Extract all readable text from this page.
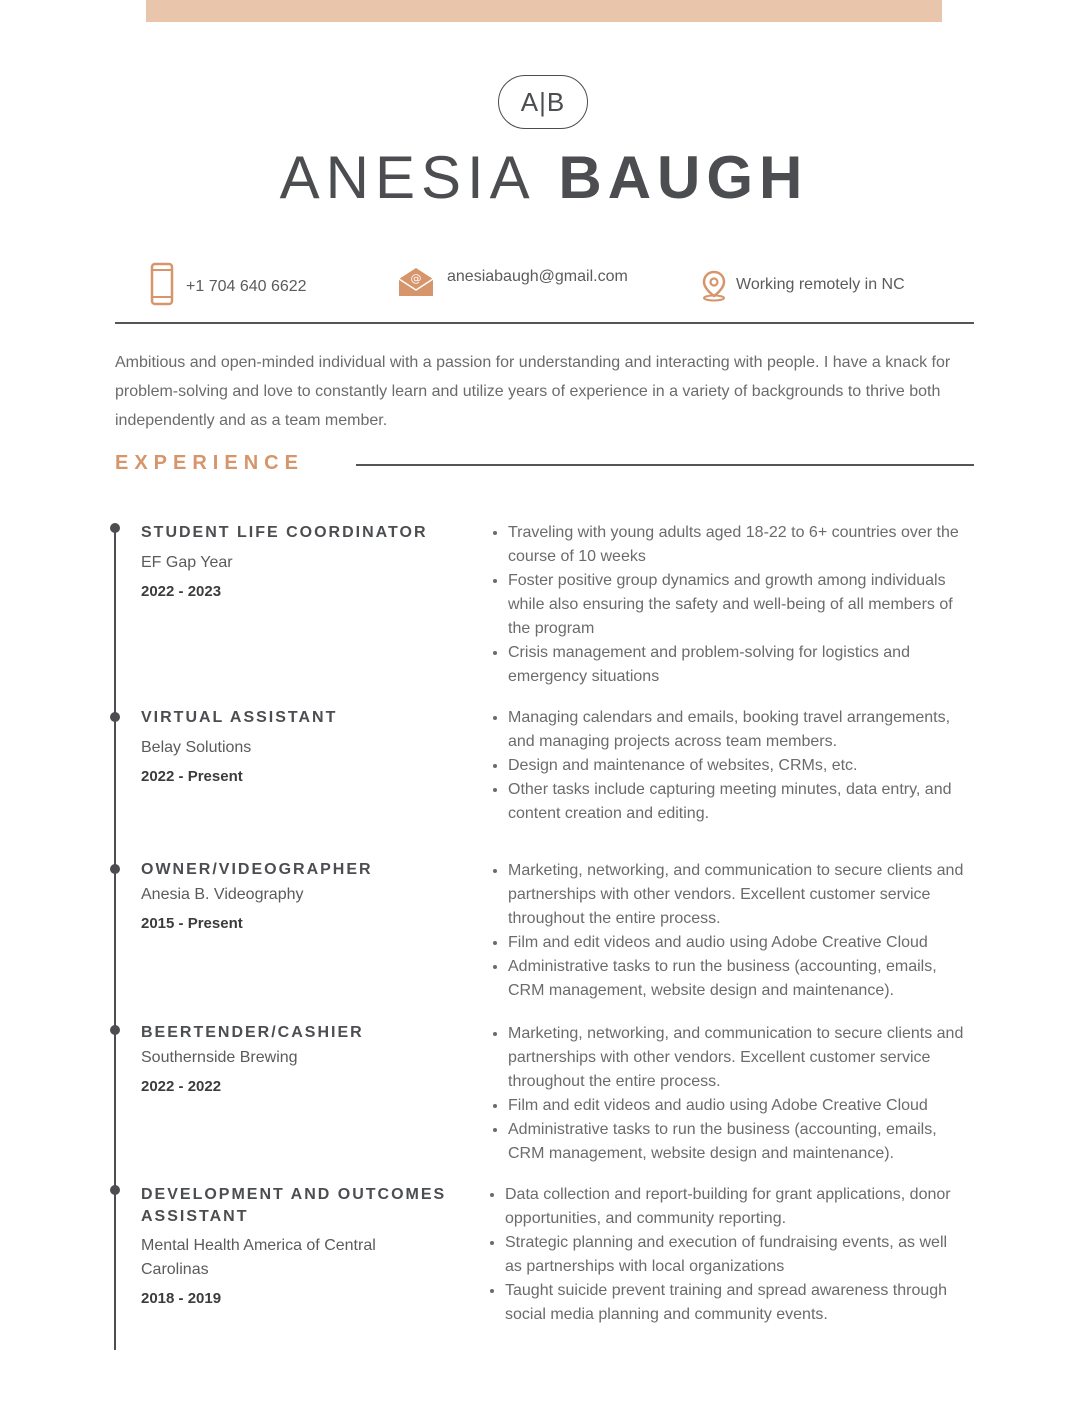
A|B
ANESIA BAUGH
+1 704 640 6622	@ anesiabaugh@gmail.com	Working remotely in NC
Ambitious and open-minded individual with a passion for understanding and interacting with people. I have a knack for problem-solving and love to constantly learn and utilize years of experience in a variety of backgrounds to thrive both independently and as a team member.
EXPERIENCE
STUDENT LIFE COORDINATOR
EF Gap Year
2022 - 2023
• Traveling with young adults aged 18-22 to 6+ countries over the course of 10 weeks
• Foster positive group dynamics and growth among individuals while also ensuring the safety and well-being of all members of the program
• Crisis management and problem-solving for logistics and emergency situations
VIRTUAL ASSISTANT
Belay Solutions
2022 - Present
• Managing calendars and emails, booking travel arrangements, and managing projects across team members.
• Design and maintenance of websites, CRMs, etc.
• Other tasks include capturing meeting minutes, data entry, and content creation and editing.
OWNER/VIDEOGRAPHER
Anesia B. Videography
2015 - Present
• Marketing, networking, and communication to secure clients and partnerships with other vendors. Excellent customer service throughout the entire process.
• Film and edit videos and audio using Adobe Creative Cloud
• Administrative tasks to run the business (accounting, emails, CRM management, website design and maintenance).
BEERTENDER/CASHIER
Southernside Brewing
2022 - 2022
• Marketing, networking, and communication to secure clients and partnerships with other vendors. Excellent customer service throughout the entire process.
• Film and edit videos and audio using Adobe Creative Cloud
• Administrative tasks to run the business (accounting, emails, CRM management, website design and maintenance).
DEVELOPMENT AND OUTCOMES ASSISTANT
Mental Health America of Central Carolinas
2018 - 2019
• Data collection and report-building for grant applications, donor opportunities, and community reporting.
• Strategic planning and execution of fundraising events, as well as partnerships with local organizations
• Taught suicide prevent training and spread awareness through social media planning and community events.
